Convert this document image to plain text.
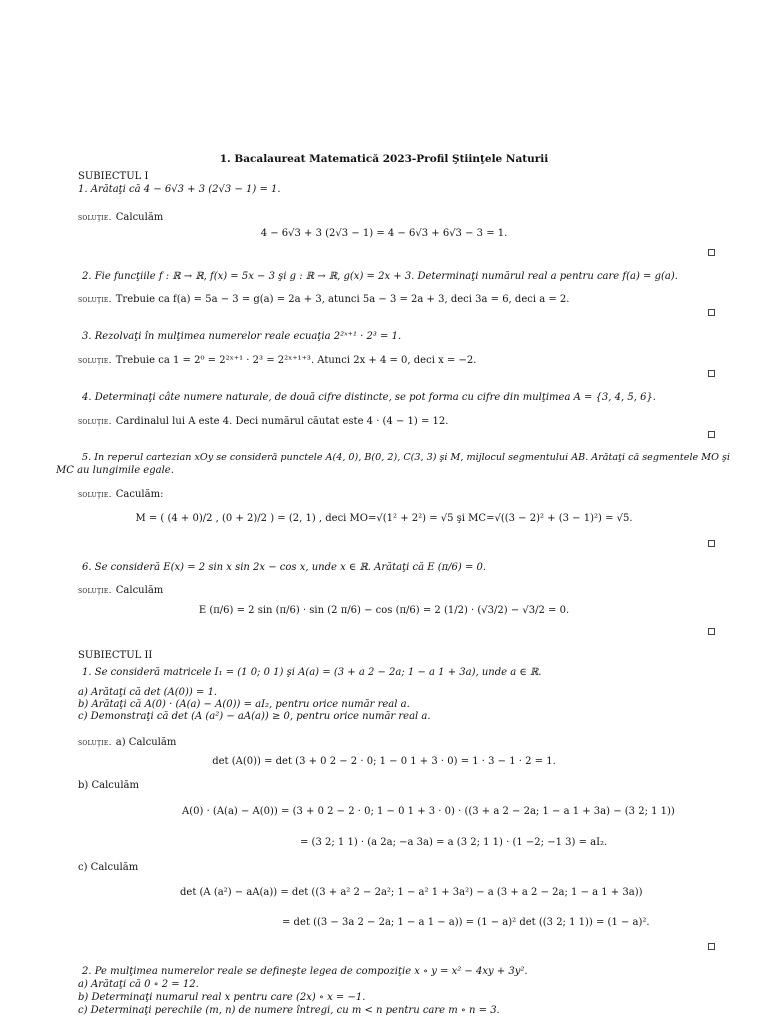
1. Bacalaureat Matematică 2023-Profil Ştiinţele Naturii
SUBIECTUL I
1. Arătaţi că 4 − 6√3 + 3 (2√3 − 1) = 1.
soluţie. Calculăm
4 − 6√3 + 3 (2√3 − 1) = 4 − 6√3 + 6√3 − 3 = 1.
2. Fie funcţiile f : ℝ → ℝ, f(x) = 5x − 3 şi g : ℝ → ℝ, g(x) = 2x + 3. Determinaţi numărul real a pentru care f(a) = g(a).
soluţie. Trebuie ca f(a) = 5a − 3 = g(a) = 2a + 3, atunci 5a − 3 = 2a + 3, deci 3a = 6, deci a = 2.
3. Rezolvaţi în mulţimea numerelor reale ecuaţia 2²ˣ⁺¹ · 2³ = 1.
soluţie. Trebuie ca 1 = 2⁰ = 2²ˣ⁺¹ · 2³ = 2²ˣ⁺¹⁺³. Atunci 2x + 4 = 0, deci x = −2.
4. Determinaţi câte numere naturale, de două cifre distincte, se pot forma cu cifre din mulţimea A = {3, 4, 5, 6}.
soluţie. Cardinalul lui A este 4. Deci numărul căutat este 4 · (4 − 1) = 12.
5. In reperul cartezian xOy se consideră punctele A(4, 0), B(0, 2), C(3, 3) şi M, mijlocul segmentului AB. Arătaţi că segmentele MO şi
MC au lungimile egale.
soluţie. Caculăm:
M = ( (4 + 0)/2 , (0 + 2)/2 ) = (2, 1) , deci MO=√(1² + 2²) = √5 şi MC=√((3 − 2)² + (3 − 1)²) = √5.
6. Se consideră E(x) = 2 sin x sin 2x − cos x, unde x ∈ ℝ. Arătaţi că E (π/6) = 0.
soluţie. Calculăm
E (π/6) = 2 sin (π/6) · sin (2 π/6) − cos (π/6) = 2 (1/2) · (√3/2) − √3/2 = 0.
SUBIECTUL II
1. Se consideră matricele I₁ = (1 0; 0 1) şi A(a) = (3 + a 2 − 2a; 1 − a 1 + 3a), unde a ∈ ℝ.
a) Arătaţi că det (A(0)) = 1.
b) Arătaţi că A(0) · (A(a) − A(0)) = aI₂, pentru orice număr real a.
c) Demonstraţi că det (A (a²) − aA(a)) ≥ 0, pentru orice număr real a.
soluţie. a) Calculăm
det (A(0)) = det (3 + 0 2 − 2 · 0; 1 − 0 1 + 3 · 0) = 1 · 3 − 1 · 2 = 1.
b) Calculăm
A(0) · (A(a) − A(0)) = (3 + 0 2 − 2 · 0; 1 − 0 1 + 3 · 0) · ((3 + a 2 − 2a; 1 − a 1 + 3a) − (3 2; 1 1))
= (3 2; 1 1) · (a 2a; −a 3a) = a (3 2; 1 1) · (1 −2; −1 3) = aI₂.
c) Calculăm
det (A (a²) − aA(a)) = det ((3 + a² 2 − 2a²; 1 − a² 1 + 3a²) − a (3 + a 2 − 2a; 1 − a 1 + 3a))
= det ((3 − 3a 2 − 2a; 1 − a 1 − a)) = (1 − a)² det ((3 2; 1 1)) = (1 − a)².
2. Pe mulţimea numerelor reale se defineşte legea de compoziţie x ∘ y = x² − 4xy + 3y².
a) Arătaţi că 0 ∘ 2 = 12.
b) Determinaţi numarul real x pentru care (2x) ∘ x = −1.
c) Determinaţi perechile (m, n) de numere întregi, cu m < n pentru care m ∘ n = 3.
